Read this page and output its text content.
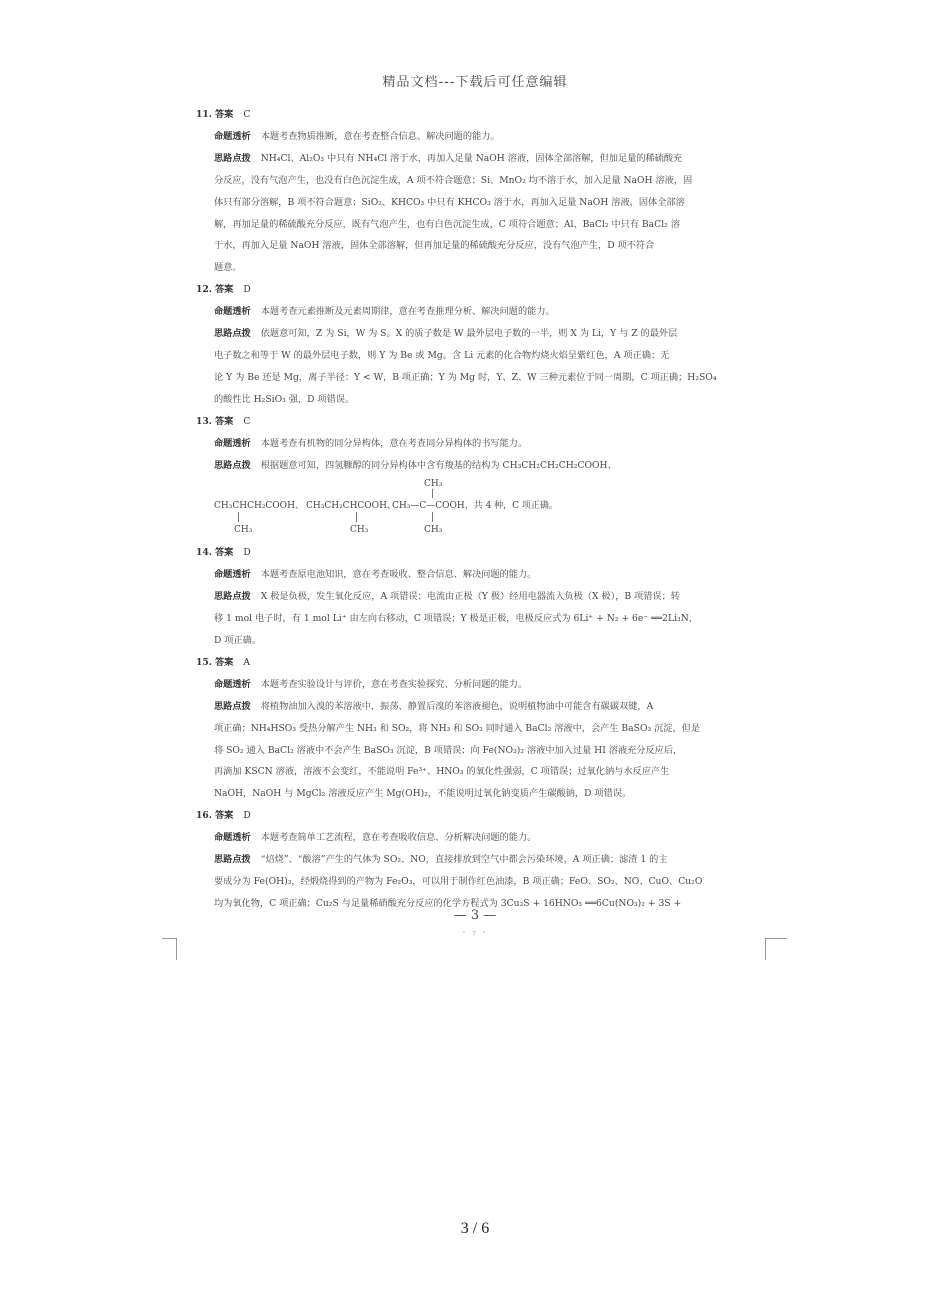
精品文档---下载后可任意编辑
11. 答案 C
命题透析 本题考查物质推断，意在考查整合信息、解决问题的能力。
思路点拨 NH₄Cl、Al₂O₃ 中只有 NH₄Cl 溶于水，再加入足量 NaOH 溶液，固体全部溶解，但加足量的稀硫酸充
分反应，没有气泡产生，也没有白色沉淀生成，A 项不符合题意；Si、MnO₂ 均不溶于水，加入足量 NaOH 溶液，固
体只有部分溶解，B 项不符合题意；SiO₂、KHCO₃ 中只有 KHCO₃ 溶于水，再加入足量 NaOH 溶液，固体全部溶
解，再加足量的稀硫酸充分反应，既有气泡产生，也有白色沉淀生成，C 项符合题意；Al、BaCl₂ 中只有 BaCl₂ 溶
于水，再加入足量 NaOH 溶液，固体全部溶解，但再加足量的稀硫酸充分反应，没有气泡产生，D 项不符合
题意。
12. 答案 D
命题透析 本题考查元素推断及元素周期律，意在考查推理分析、解决问题的能力。
思路点拨 依题意可知，Z 为 Si，W 为 S。X 的质子数是 W 最外层电子数的一半，则 X 为 Li，Y 与 Z 的最外层
电子数之和等于 W 的最外层电子数，则 Y 为 Be 或 Mg。含 Li 元素的化合物灼烧火焰呈紫红色，A 项正确；无
论 Y 为 Be 还是 Mg，离子半径：Y < W，B 项正确；Y 为 Mg 时，Y、Z、W 三种元素位于同一周期，C 项正确；H₂SO₄
的酸性比 H₂SiO₃ 强，D 项错误。
13. 答案 C
命题透析 本题考查有机物的同分异构体，意在考查同分异构体的书写能力。
思路点拨 根据题意可知，四氢糠醇的同分异构体中含有羧基的结构为 CH₃CH₂CH₂CH₂COOH、
CH₃CHCH₂COOH、
CH₃
CH₃CH₂CHCOOH、
CH₃
CH₃
CH₃—C—COOH，共 4 种，C 项正确。
CH₃
14. 答案 D
命题透析 本题考查原电池知识，意在考查吸收、整合信息、解决问题的能力。
思路点拨 X 极是负极，发生氧化反应，A 项错误；电流由正极（Y 极）经用电器流入负极（X 极），B 项错误；转
移 1 mol 电子时，有 1 mol Li⁺ 由左向右移动，C 项错误；Y 极是正极，电极反应式为 6Li⁺ + N₂ + 6e⁻ ══2Li₃N，
D 项正确。
15. 答案 A
命题透析 本题考查实验设计与评价，意在考查实验探究、分析问题的能力。
思路点拨 将植物油加入溴的苯溶液中，振荡、静置后溴的苯溶液褪色，说明植物油中可能含有碳碳双键，A
项正确；NH₄HSO₃ 受热分解产生 NH₃ 和 SO₂，将 NH₃ 和 SO₂ 同时通入 BaCl₂ 溶液中，会产生 BaSO₃ 沉淀，但是
将 SO₂ 通入 BaCl₂ 溶液中不会产生 BaSO₃ 沉淀，B 项错误；向 Fe(NO₃)₂ 溶液中加入过量 HI 溶液充分反应后，
再滴加 KSCN 溶液，溶液不会变红，不能说明 Fe³⁺、HNO₃ 的氧化性强弱，C 项错误；过氧化钠与水反应产生
NaOH，NaOH 与 MgCl₂ 溶液反应产生 Mg(OH)₂，不能说明过氧化钠变质产生碳酸钠，D 项错误。
16. 答案 D
命题透析 本题考查简单工艺流程，意在考查吸收信息、分析解决问题的能力。
思路点拨 “焙烧”、“酸溶”产生的气体为 SO₂、NO，直接排放到空气中都会污染环境，A 项正确；滤渣 1 的主
要成分为 Fe(OH)₃，经煅烧得到的产物为 Fe₂O₃，可以用于制作红色油漆，B 项正确；FeO、SO₂、NO、CuO、Cu₂O
均为氧化物，C 项正确；Cu₂S 与足量稀硝酸充分反应的化学方程式为 3Cu₂S + 16HNO₃ ══6Cu(NO₃)₂ + 3S +
— 3 —
· ₇ ·
3 / 6
